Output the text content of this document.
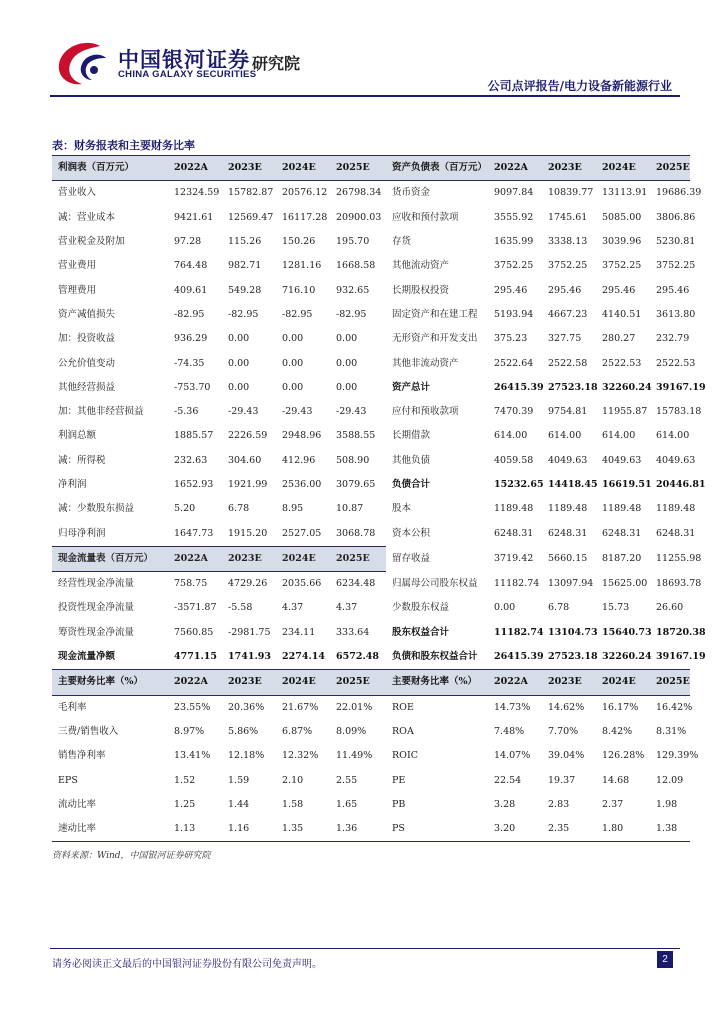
中国银河证券
CHINA GALAXY SECURITIES
研究院
公司点评报告/电力设备新能源行业
表：财务报表和主要财务比率
利润表（百万元）	2022A	2023E	2024E	2025E	资产负债表（百万元）	2022A	2023E	2024E	2025E
营业收入	12324.59	15782.87	20576.12	26798.34	货币资金	9097.84	10839.77	13113.91	19686.39
减：营业成本	9421.61	12569.47	16117.28	20900.03	应收和预付款项	3555.92	1745.61	5085.00	3806.86
营业税金及附加	97.28	115.26	150.26	195.70	存货	1635.99	3338.13	3039.96	5230.81
营业费用	764.48	982.71	1281.16	1668.58	其他流动资产	3752.25	3752.25	3752.25	3752.25
管理费用	409.61	549.28	716.10	932.65	长期股权投资	295.46	295.46	295.46	295.46
资产减值损失	-82.95	-82.95	-82.95	-82.95	固定资产和在建工程	5193.94	4667.23	4140.51	3613.80
加：投资收益	936.29	0.00	0.00	0.00	无形资产和开发支出	375.23	327.75	280.27	232.79
公允价值变动	-74.35	0.00	0.00	0.00	其他非流动资产	2522.64	2522.58	2522.53	2522.53
其他经营损益	-753.70	0.00	0.00	0.00	资产总计	26415.39	27523.18	32260.24	39167.19
加：其他非经营损益	-5.36	-29.43	-29.43	-29.43	应付和预收款项	7470.39	9754.81	11955.87	15783.18
利润总额	1885.57	2226.59	2948.96	3588.55	长期借款	614.00	614.00	614.00	614.00
减：所得税	232.63	304.60	412.96	508.90	其他负债	4059.58	4049.63	4049.63	4049.63
净利润	1652.93	1921.99	2536.00	3079.65	负债合计	15232.65	14418.45	16619.51	20446.81
减：少数股东损益	5.20	6.78	8.95	10.87	股本	1189.48	1189.48	1189.48	1189.48
归母净利润	1647.73	1915.20	2527.05	3068.78	资本公积	6248.31	6248.31	6248.31	6248.31
现金流量表（百万元）	2022A	2023E	2024E	2025E	留存收益	3719.42	5660.15	8187.20	11255.98
经营性现金净流量	758.75	4729.26	2035.66	6234.48	归属母公司股东权益	11182.74	13097.94	15625.00	18693.78
投资性现金净流量	-3571.87	-5.58	4.37	4.37	少数股东权益	0.00	6.78	15.73	26.60
筹资性现金净流量	7560.85	-2981.75	234.11	333.64	股东权益合计	11182.74	13104.73	15640.73	18720.38
现金流量净额	4771.15	1741.93	2274.14	6572.48	负债和股东权益合计	26415.39	27523.18	32260.24	39167.19
主要财务比率（%）	2022A	2023E	2024E	2025E	主要财务比率（%）	2022A	2023E	2024E	2025E
毛利率	23.55%	20.36%	21.67%	22.01%	ROE	14.73%	14.62%	16.17%	16.42%
三费/销售收入	8.97%	5.86%	6.87%	8.09%	ROA	7.48%	7.70%	8.42%	8.31%
销售净利率	13.41%	12.18%	12.32%	11.49%	ROIC	14.07%	39.04%	126.28%	129.39%
EPS	1.52	1.59	2.10	2.55	PE	22.54	19.37	14.68	12.09
流动比率	1.25	1.44	1.58	1.65	PB	3.28	2.83	2.37	1.98
速动比率	1.13	1.16	1.35	1.36	PS	3.20	2.35	1.80	1.38
资料来源：Wind，中国银河证券研究院
请务必阅读正文最后的中国银河证券股份有限公司免责声明。	2
